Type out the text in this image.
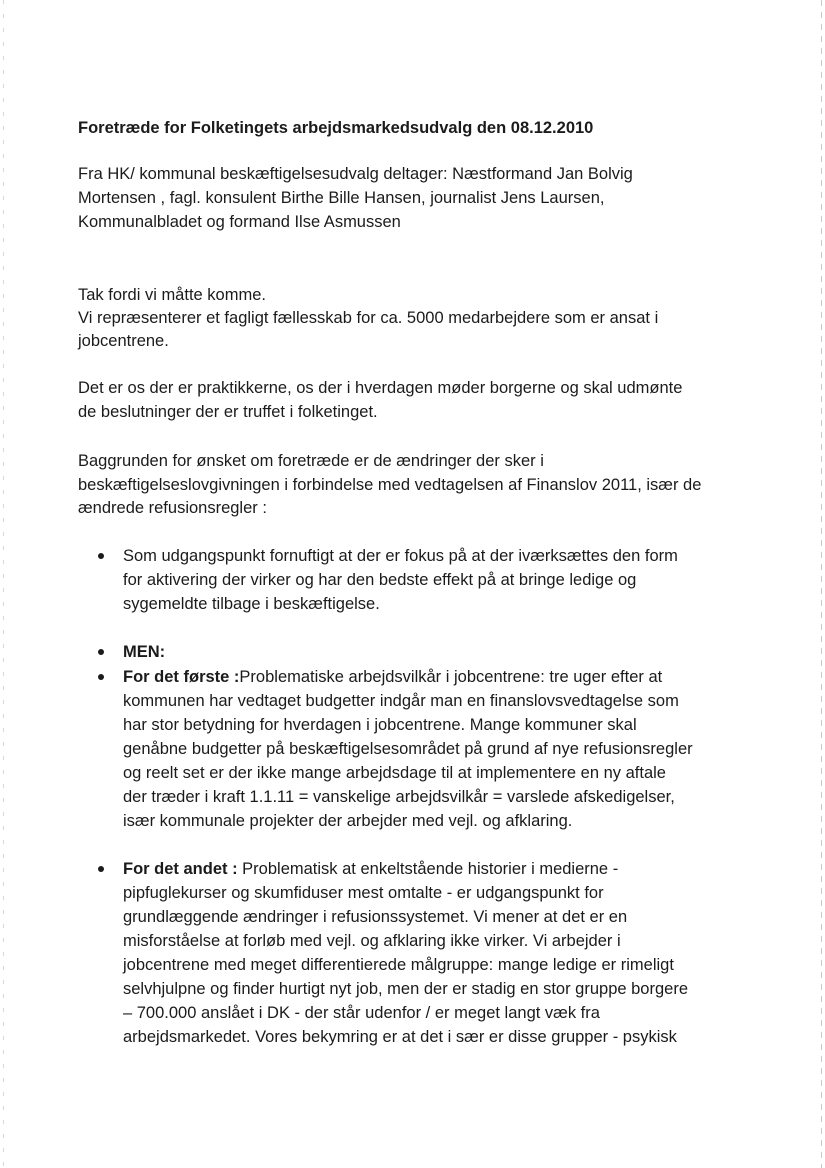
Foretræde for Folketingets arbejdsmarkedsudvalg den 08.12.2010
Fra HK/ kommunal beskæftigelsesudvalg deltager: Næstformand Jan Bolvig
Mortensen , fagl. konsulent Birthe Bille Hansen, journalist Jens Laursen,
Kommunalbladet og formand Ilse Asmussen
Tak fordi vi måtte komme.
Vi repræsenterer et fagligt fællesskab for ca. 5000 medarbejdere som er ansat i
jobcentrene.
Det er os der er praktikkerne, os der i hverdagen møder borgerne og skal udmønte
de beslutninger der er truffet i folketinget.
Baggrunden for ønsket om foretræde er de ændringer der sker i
beskæftigelseslovgivningen i forbindelse med vedtagelsen af Finanslov 2011, især de
ændrede refusionsregler :
Som udgangspunkt fornuftigt at der er fokus på at der iværksættes den form
for aktivering der virker og har den bedste effekt på at bringe ledige og
sygemeldte tilbage i beskæftigelse.
MEN:
For det første :Problematiske arbejdsvilkår i jobcentrene: tre uger efter at
kommunen har vedtaget budgetter indgår man en finanslovsvedtagelse som
har stor betydning for hverdagen i jobcentrene. Mange kommuner skal
genåbne budgetter på beskæftigelsesområdet på grund af nye refusionsregler
og reelt set er der ikke mange arbejdsdage til at implementere en ny aftale
der træder i kraft 1.1.11 = vanskelige arbejdsvilkår = varslede afskedigelser,
især kommunale projekter der arbejder med vejl. og afklaring.
For det andet : Problematisk at enkeltstående historier i medierne -
pipfuglekurser og skumfiduser mest omtalte - er udgangspunkt for
grundlæggende ændringer i refusionssystemet. Vi mener at det er en
misforståelse at forløb med vejl. og afklaring ikke virker. Vi arbejder i
jobcentrene med meget differentierede målgruppe: mange ledige er rimeligt
selvhjulpne og finder hurtigt nyt job, men der er stadig en stor gruppe borgere
– 700.000 anslået i DK - der står udenfor / er meget langt væk fra
arbejdsmarkedet. Vores bekymring er at det i sær er disse grupper - psykisk
